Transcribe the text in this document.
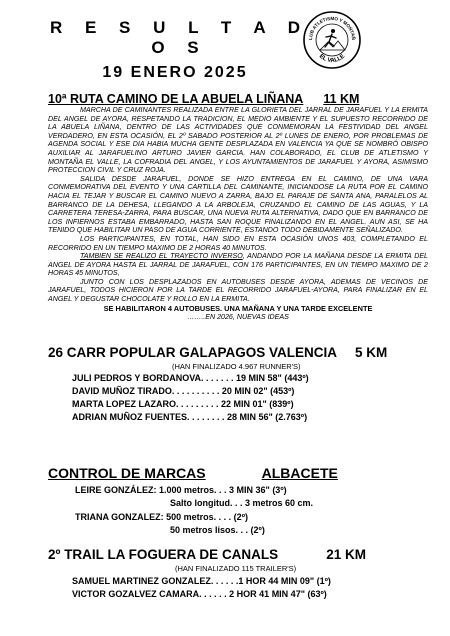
R E S U L T A D O S
19 ENERO 2025
LUB ATLETISMO Y MONTAÑ
EL VALLE
10ª RUTA CAMINO DE LA ABUELA LIÑANA 11 KM

MARCHA DE CAMINANTES REALIZADA ENTRE LA GLORIETA DEL JARRAL DE JARAFUEL Y LA ERMITA DEL ANGEL DE AYORA, RESPETANDO LA TRADICION, EL MEDIO AMBIENTE Y EL SUPUESTO RECORRIDO DE LA ABUELA LIÑANA, DENTRO DE LAS ACTIVIDADES QUE CONMEMORAN LA FESTIVIDAD DEL ANGEL VERDADERO, EN ESTA OCASIÓN, EL 2º SABADO POSTERIOR AL 2º LUNES DE ENERO, POR PROBLEMAS DE AGENDA SOCIAL Y ESE DIA HABIA MUCHA GENTE DESPLAZADA EN VALENCIA YA QUE SE NOMBRÓ OBISPO AUXILIAR AL JARAFUELINO ARTURO JAVIER GARCIA. HAN COLABORADO, EL CLUB DE ATLETISMO Y MONTAÑA EL VALLE, LA COFRADIA DEL ANGEL, Y LOS AYUNTAMIENTOS DE JARAFUEL Y AYORA, ASIMISMO PROTECCION CIVIL Y CRUZ ROJA.

SALIDA DESDE JARAFUEL, DONDE SE HIZO ENTREGA EN EL CAMINO, DE UNA VARA CONMEMORATIVA DEL EVENTO Y UNA CARTILLA DEL CAMINANTE, INICIANDOSE LA RUTA POR EL CAMINO HACIA EL TEJAR Y BUSCAR EL CAMINO NUEVO A ZARRA, BAJO EL PARAJE DE SANTA ANA, PARALELOS AL BARRANCO DE LA DEHESA, LLEGANDO A LA ARBOLEJA, CRUZANDO EL CAMINO DE LAS AGUAS, Y LA CARRETERA TERESA-ZARRA, PARA BUSCAR, UNA NUEVA RUTA ALTERNATIVA, DADO QUE EN BARRANCO DE LOS INFIERNOS ESTABA EMBARRADO, HASTA SAN ROQUE FINALIZANDO EN EL ANGEL. AUN ASI, SE HA TENIDO QUE HABILITAR UN PASO DE AGUA CORRIENTE, ESTANDO TODO DEBIDAMENTE SEÑALIZADO.

LOS PARTICIPANTES, EN TOTAL, HAN SIDO EN ESTA OCASIÓN UNOS 403, COMPLETANDO EL RECORRIDO EN UN TIEMPO MAXIMO DE 2 HORAS 40 MINUTOS.

TAMBIEN SE REALIZO EL TRAYECTO INVERSO, ANDANDO POR LA MAÑANA DESDE LA ERMITA DEL ANGEL DE AYORA HASTA EL JARRAL DE JARAFUEL, CON 176 PARTICIPANTES, EN UN TIEMPO MAXIMO DE 2 HORAS 45 MINUTOS,

JUNTO CON LOS DESPLAZADOS EN AUTOBUSES DESDE AYORA, ADEMAS DE VECINOS DE JARAFUEL, TODOS HICIERON POR LA TARDE EL RECORRIDO JARAFUEL-AYORA, PARA FINALIZAR EN EL ANGEL Y DEGUSTAR CHOCOLATE Y ROLLO EN LA ERMITA.

SE HABILITARON 4 AUTOBUSES. UNA MAÑANA Y UNA TARDE EXCELENTE

……..EN 2026, NUEVAS IDEAS

26 CARR POPULAR GALAPAGOS VALENCIA 5 KM
(HAN FINALIZADO 4.967 RUNNER'S)
JULI PEDROS Y BORDANOVA. . . . . . . 19 MIN 58" (443º)
DAVID MUÑOZ TIRADO. . . . . . . . . . 20 MIN 02" (453º)
MARTA LOPEZ LAZARO. . . . . . . . . 22 MIN 01" (839º)
ADRIAN MUÑOZ FUENTES. . . . . . . . 28 MIN 56" (2.763º)
CONTROL DE MARCAS	ALBACETE
LEIRE GONZÁLEZ: 1.000 metros. . . 3 MIN 36" (3º)
Salto longitud. . . 3 metros 60 cm.
TRIANA GONZALEZ: 500 metros. . . . (2º)
50 metros lisos. . . (2º)
2º TRAIL LA FOGUERA DE CANALS	21 KM
(HAN FINALIZADO 115 TRAILER'S)
SAMUEL MARTINEZ GONZALEZ. . . . . .1 HOR 44 MIN 09" (1º)
VICTOR GOZALVEZ CAMARA. . . . . . 2 HOR 41 MIN 47" (63º)
